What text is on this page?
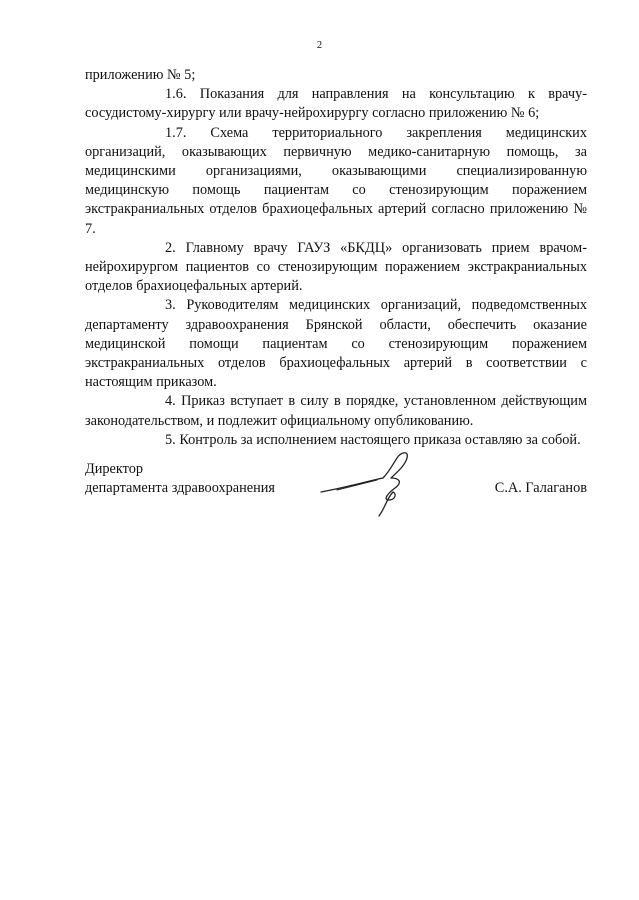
2

приложению № 5;

1.6. Показания для направления на консультацию к врачу-сосудистому-хирургу или врачу-нейрохирургу согласно приложению № 6;

1.7. Схема территориального закрепления медицинских организаций, оказывающих первичную медико-санитарную помощь, за медицинскими организациями, оказывающими специализированную медицинскую помощь пациентам со стенозирующим поражением экстракраниальных отделов брахиоцефальных артерий согласно приложению № 7.

2. Главному врачу ГАУЗ «БКДЦ» организовать прием врачом-нейрохирургом пациентов со стенозирующим поражением экстракраниальных отделов брахиоцефальных артерий.

3. Руководителям медицинских организаций, подведомственных департаменту здравоохранения Брянской области, обеспечить оказание медицинской помощи пациентам со стенозирующим поражением экстракраниальных отделов брахиоцефальных артерий в соответствии с настоящим приказом.

4. Приказ вступает в силу в порядке, установленном действующим законодательством, и подлежит официальному опубликованию.

5. Контроль за исполнением настоящего приказа оставляю за собой.

Директор
департамента здравоохранения	С.А. Галаганов
